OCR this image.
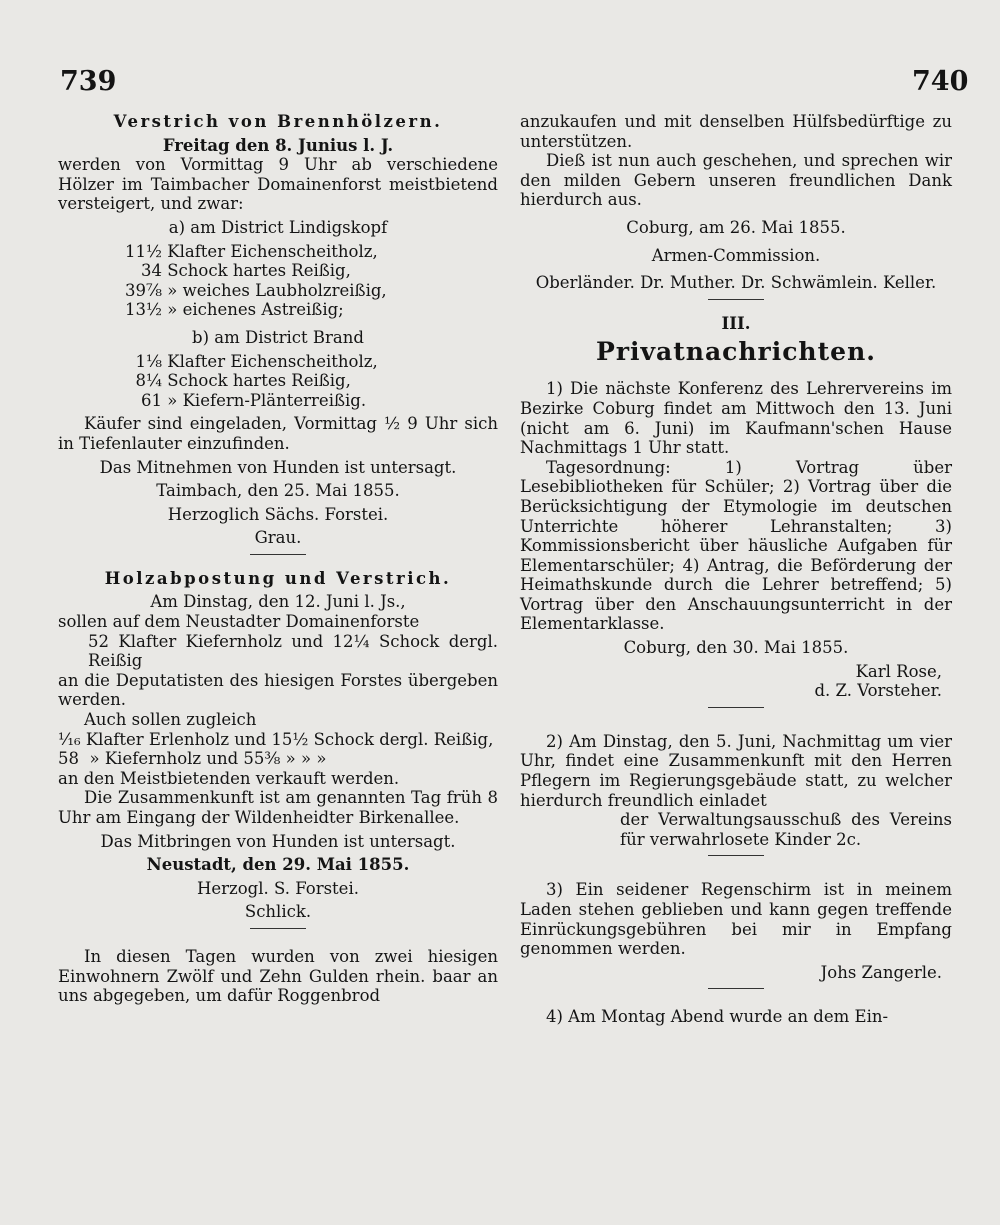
739	740

Verstrich von Brennhölzern.

Freitag den 8. Junius l. J.

werden von Vormittag 9 Uhr ab verschiedene Hölzer im Taimbacher Domainenforst meistbietend versteigert, und zwar:

a) am District Lindigskopf

11½
Klafter Eichenscheitholz,
34
Schock hartes Reißig,
39⅞
» weiches Laubholzreißig,
13½
» eichenes Astreißig;

b) am District Brand

1⅛
Klafter Eichenscheitholz,
8¼
Schock hartes Reißig,
61
» Kiefern-Plänterreißig.

Käufer sind eingeladen, Vormittag ½ 9 Uhr sich in Tiefenlauter einzufinden.

Das Mitnehmen von Hunden ist untersagt.

Taimbach, den 25. Mai 1855.

Herzoglich Sächs. Forstei.

Grau.

Holzabpostung und Verstrich.

Am Dinstag, den 12. Juni l. Js.,

sollen auf dem Neustadter Domainenforste

52 Klafter Kiefernholz und 12¼ Schock dergl. Reißig

an die Deputatisten des hiesigen Forstes übergeben werden.

Auch sollen zugleich

¹⁄₁₆
Klafter Erlenholz und 15½ Schock dergl. Reißig,
58
» Kiefernholz und 55⅜ » » »

an den Meistbietenden verkauft werden.

Die Zusammenkunft ist am genannten Tag früh 8 Uhr am Eingang der Wildenheidter Birkenallee.

Das Mitbringen von Hunden ist untersagt.

Neustadt, den 29. Mai 1855.

Herzogl. S. Forstei.

Schlick.

In diesen Tagen wurden von zwei hiesigen Einwohnern Zwölf und Zehn Gulden rhein. baar an uns abgegeben, um dafür Roggenbrod

anzukaufen und mit denselben Hülfsbedürftige zu unterstützen.

Dieß ist nun auch geschehen, und sprechen wir den milden Gebern unseren freundlichen Dank hierdurch aus.

Coburg, am 26. Mai 1855.

Armen-Commission.

Oberländer. Dr. Muther. Dr. Schwämlein. Keller.

III.

Privatnachrichten.

1) Die nächste Konferenz des Lehrervereins im Bezirke Coburg findet am Mittwoch den 13. Juni (nicht am 6. Juni) im Kaufmann'schen Hause Nachmittags 1 Uhr statt.

Tagesordnung: 1) Vortrag über Lesebibliotheken für Schüler; 2) Vortrag über die Berücksichtigung der Etymologie im deutschen Unterrichte höherer Lehranstalten; 3) Kommissionsbericht über häusliche Aufgaben für Elementarschüler; 4) Antrag, die Beförderung der Heimathskunde durch die Lehrer betreffend; 5) Vortrag über den Anschauungsunterricht in der Elementarklasse.

Coburg, den 30. Mai 1855.

Karl Rose,

d. Z. Vorsteher.

2) Am Dinstag, den 5. Juni, Nachmittag um vier Uhr, findet eine Zusammenkunft mit den Herren Pflegern im Regierungsgebäude statt, zu welcher hierdurch freundlich einladet

der Verwaltungsausschuß des Vereins für verwahrlosete Kinder 2c.

3) Ein seidener Regenschirm ist in meinem Laden stehen geblieben und kann gegen treffende Einrückungsgebühren bei mir in Empfang genommen werden.

Johs Zangerle.

4) Am Montag Abend wurde an dem Ein-
